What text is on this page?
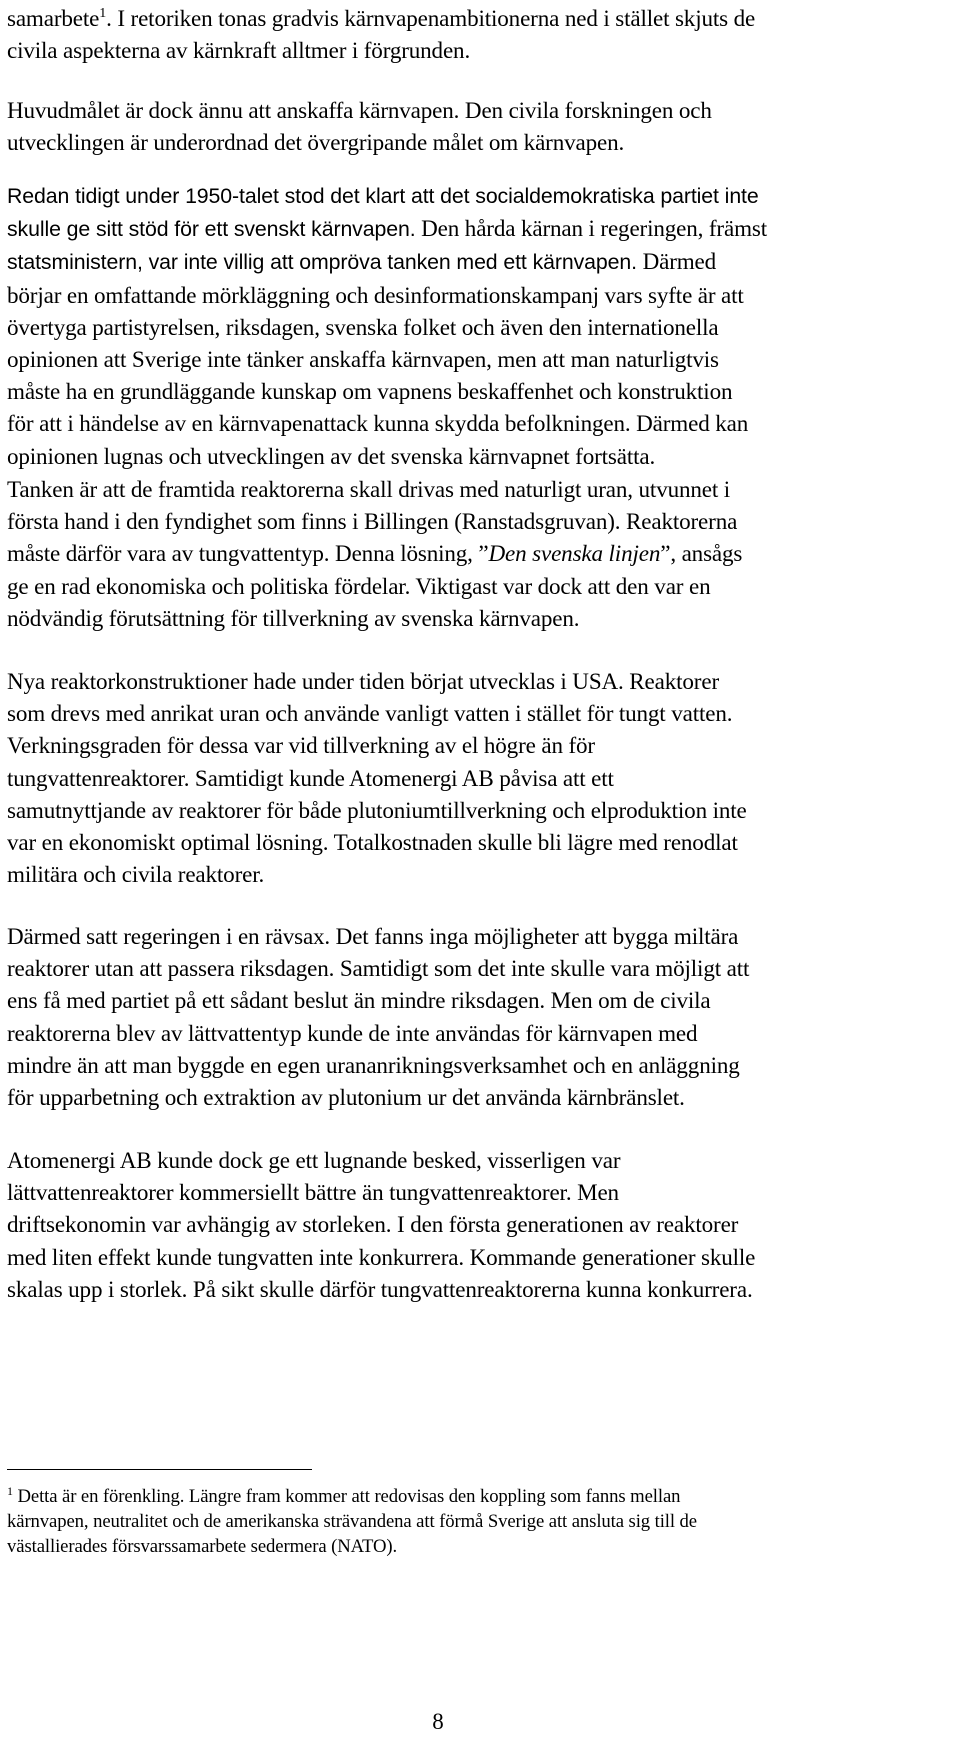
samarbete$^1$. I retoriken tonas gradvis kärnvapenambitionerna ned i stället skjuts de
civila aspekterna av kärnkraft alltmer i förgrunden.

Huvudmålet är dock ännu att anskaffa kärnvapen. Den civila forskningen och
utvecklingen är underordnad det övergripande målet om kärnvapen.

Redan tidigt under 1950-talet stod det klart att det socialdemokratiska partiet inte
skulle ge sitt stöd för ett svenskt kärnvapen. Den hårda kärnan i regeringen, främst
statsministern, var inte villig att ompröva tanken med ett kärnvapen. Därmed
börjar en omfattande mörkläggning och desinformationskampanj vars syfte är att
övertyga partistyrelsen, riksdagen, svenska folket och även den internationella
opinionen att Sverige inte tänker anskaffa kärnvapen, men att man naturligtvis
måste ha en grundläggande kunskap om vapnens beskaffenhet och konstruktion
för att i händelse av en kärnvapenattack kunna skydda befolkningen. Därmed kan
opinionen lugnas och utvecklingen av det svenska kärnvapnet fortsätta.

Tanken är att de framtida reaktorerna skall drivas med naturligt uran, utvunnet i
första hand i den fyndighet som finns i Billingen (Ranstadsgruvan). Reaktorerna
måste därför vara av tungvattentyp. Denna lösning, ”Den svenska linjen”, ansågs
ge en rad ekonomiska och politiska fördelar. Viktigast var dock att den var en
nödvändig förutsättning för tillverkning av svenska kärnvapen.

Nya reaktorkonstruktioner hade under tiden börjat utvecklas i USA. Reaktorer
som drevs med anrikat uran och använde vanligt vatten i stället för tungt vatten.
Verkningsgraden för dessa var vid tillverkning av el högre än för
tungvattenreaktorer. Samtidigt kunde Atomenergi AB påvisa att ett
samutnyttjande av reaktorer för både plutoniumtillverkning och elproduktion inte
var en ekonomiskt optimal lösning. Totalkostnaden skulle bli lägre med renodlat
militära och civila reaktorer.

Därmed satt regeringen i en rävsax. Det fanns inga möjligheter att bygga miltära
reaktorer utan att passera riksdagen. Samtidigt som det inte skulle vara möjligt att
ens få med partiet på ett sådant beslut än mindre riksdagen. Men om de civila
reaktorerna blev av lättvattentyp kunde de inte användas för kärnvapen med
mindre än att man byggde en egen urananrikningsverksamhet och en anläggning
för upparbetning och extraktion av plutonium ur det använda kärnbränslet.

Atomenergi AB kunde dock ge ett lugnande besked, visserligen var
lättvattenreaktorer kommersiellt bättre än tungvattenreaktorer. Men
driftsekonomin var avhängig av storleken. I den första generationen av reaktorer
med liten effekt kunde tungvatten inte konkurrera. Kommande generationer skulle
skalas upp i storlek. På sikt skulle därför tungvattenreaktorerna kunna konkurrera.

$^1$ Detta är en förenkling. Längre fram kommer att redovisas den koppling som fanns mellan
kärnvapen, neutralitet och de amerikanska strävandena att förmå Sverige att ansluta sig till de
västallierades försvarssamarbete sedermera (NATO).

8
